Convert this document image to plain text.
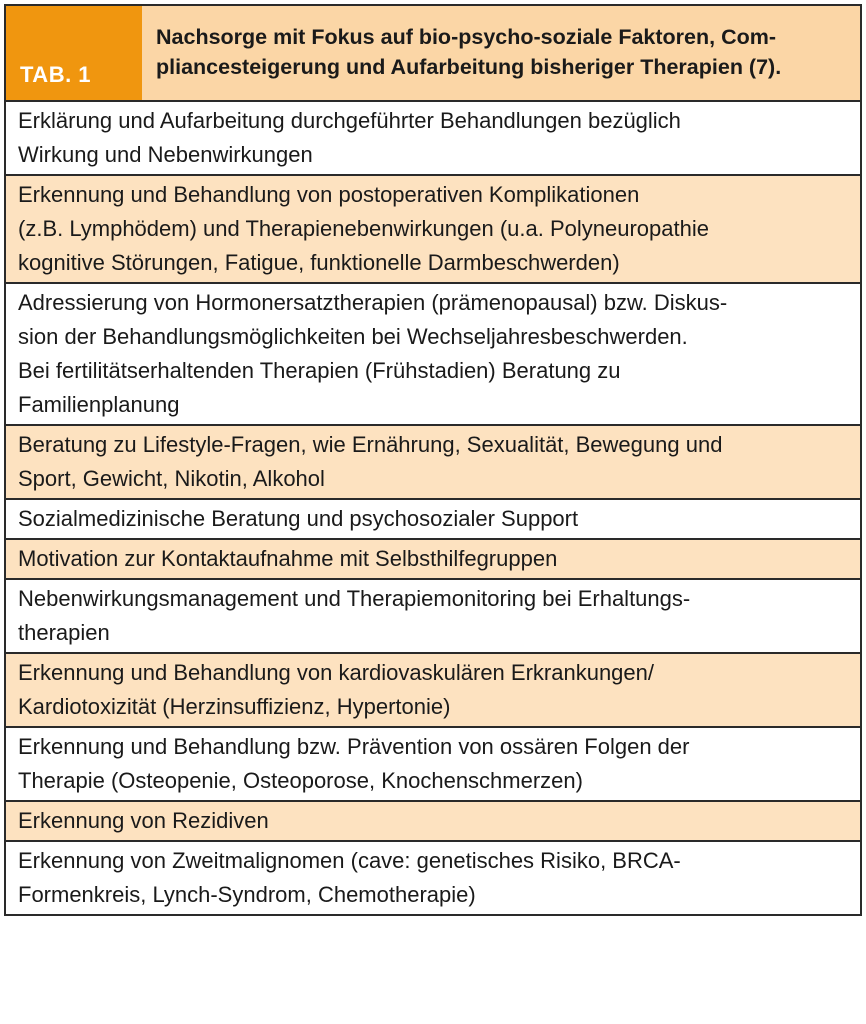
TAB. 1
Nachsorge mit Fokus auf bio-psycho-soziale Faktoren, Com-
pliancesteigerung und Aufarbeitung bisheriger Therapien (7).
Erklärung und Aufarbeitung durchgeführter Behandlungen bezüglich
Wirkung und Nebenwirkungen
Erkennung und Behandlung von postoperativen Komplikationen
(z.B. Lymphödem) und Therapienebenwirkungen (u.a. Polyneuropathie
kognitive Störungen, Fatigue, funktionelle Darmbeschwerden)
Adressierung von Hormonersatztherapien (prämenopausal) bzw. Diskus-
sion der Behandlungsmöglichkeiten bei Wechseljahresbeschwerden.
Bei fertilitätserhaltenden Therapien (Frühstadien) Beratung zu
Familienplanung
Beratung zu Lifestyle-Fragen, wie Ernährung, Sexualität, Bewegung und
Sport, Gewicht, Nikotin, Alkohol
Sozialmedizinische Beratung und psychosozialer Support
Motivation zur Kontaktaufnahme mit Selbsthilfegruppen
Nebenwirkungsmanagement und Therapiemonitoring bei Erhaltungs-
therapien
Erkennung und Behandlung von kardiovaskulären Erkrankungen/
Kardiotoxizität (Herzinsuffizienz, Hypertonie)
Erkennung und Behandlung bzw. Prävention von ossären Folgen der
Therapie (Osteopenie, Osteoporose, Knochenschmerzen)
Erkennung von Rezidiven
Erkennung von Zweitmalignomen (cave: genetisches Risiko, BRCA-
Formenkreis, Lynch-Syndrom, Chemotherapie)
